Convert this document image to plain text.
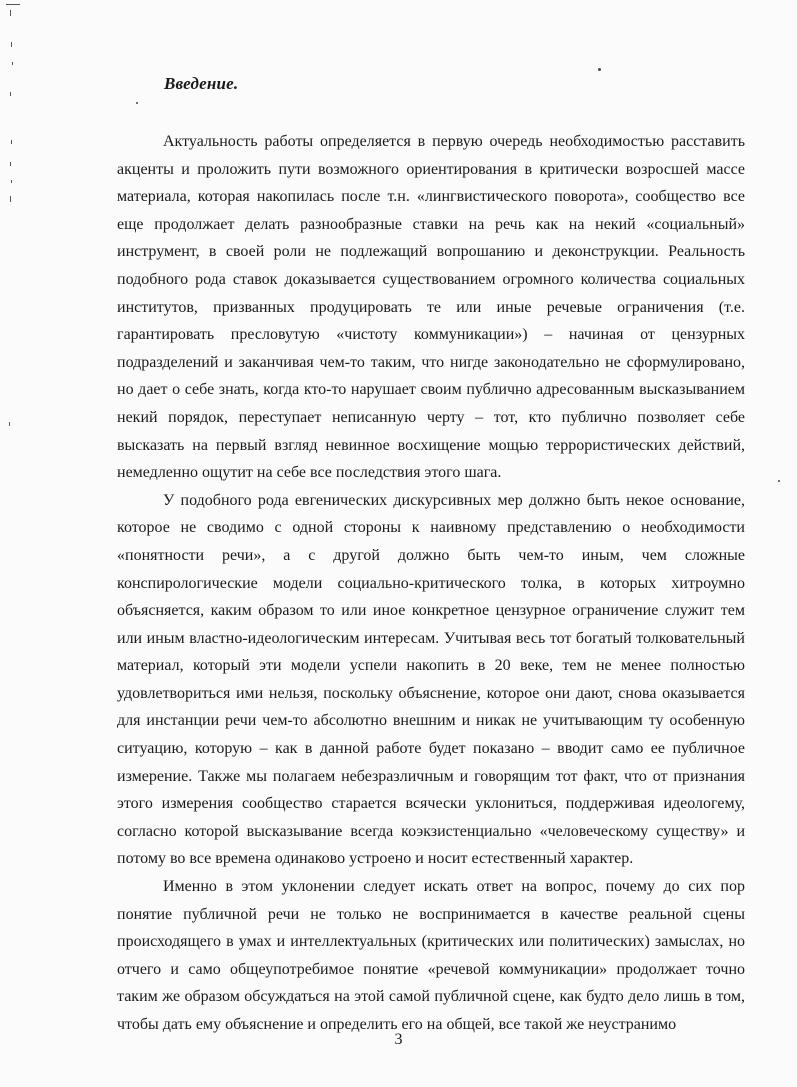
Введение.

Актуальность работы определяется в первую очередь необходимостью расставить акценты и проложить пути возможного ориентирования в критически возросшей массе материала, которая накопилась после т.н. «лингвистического поворота», сообщество все еще продолжает делать разнообразные ставки на речь как на некий «социальный» инструмент, в своей роли не подлежащий вопрошанию и деконструкции. Реальность подобного рода ставок доказывается существованием огромного количества социальных институтов, призванных продуцировать те или иные речевые ограничения (т.е. гарантировать пресловутую «чистоту коммуникации») – начиная от цензурных подразделений и заканчивая чем-то таким, что нигде законодательно не сформулировано, но дает о себе знать, когда кто-то нарушает своим публично адресованным высказыванием некий порядок, переступает неписанную черту – тот, кто публично позволяет себе высказать на первый взгляд невинное восхищение мощью террористических действий, немедленно ощутит на себе все последствия этого шага.

У подобного рода евгенических дискурсивных мер должно быть некое основание, которое не сводимо с одной стороны к наивному представлению о необходимости «понятности речи», а с другой должно быть чем-то иным, чем сложные конспирологические модели социально-критического толка, в которых хитроумно объясняется, каким образом то или иное конкретное цензурное ограничение служит тем или иным властно-идеологическим интересам. Учитывая весь тот богатый толковательный материал, который эти модели успели накопить в 20 веке, тем не менее полностью удовлетвориться ими нельзя, поскольку объяснение, которое они дают, снова оказывается для инстанции речи чем-то абсолютно внешним и никак не учитывающим ту особенную ситуацию, которую – как в данной работе будет показано – вводит само ее публичное измерение. Также мы полагаем небезразличным и говорящим тот факт, что от признания этого измерения сообщество старается всячески уклониться, поддерживая идеологему, согласно которой высказывание всегда коэкзистенциально «человеческому существу» и потому во все времена одинаково устроено и носит естественный характер.

Именно в этом уклонении следует искать ответ на вопрос, почему до сих пор понятие публичной речи не только не воспринимается в качестве реальной сцены происходящего в умах и интеллектуальных (критических или политических) замыслах, но отчего и само общеупотребимое понятие «речевой коммуникации» продолжает точно таким же образом обсуждаться на этой самой публичной сцене, как будто дело лишь в том, чтобы дать ему объяснение и определить его на общей, все такой же неустранимо

3
